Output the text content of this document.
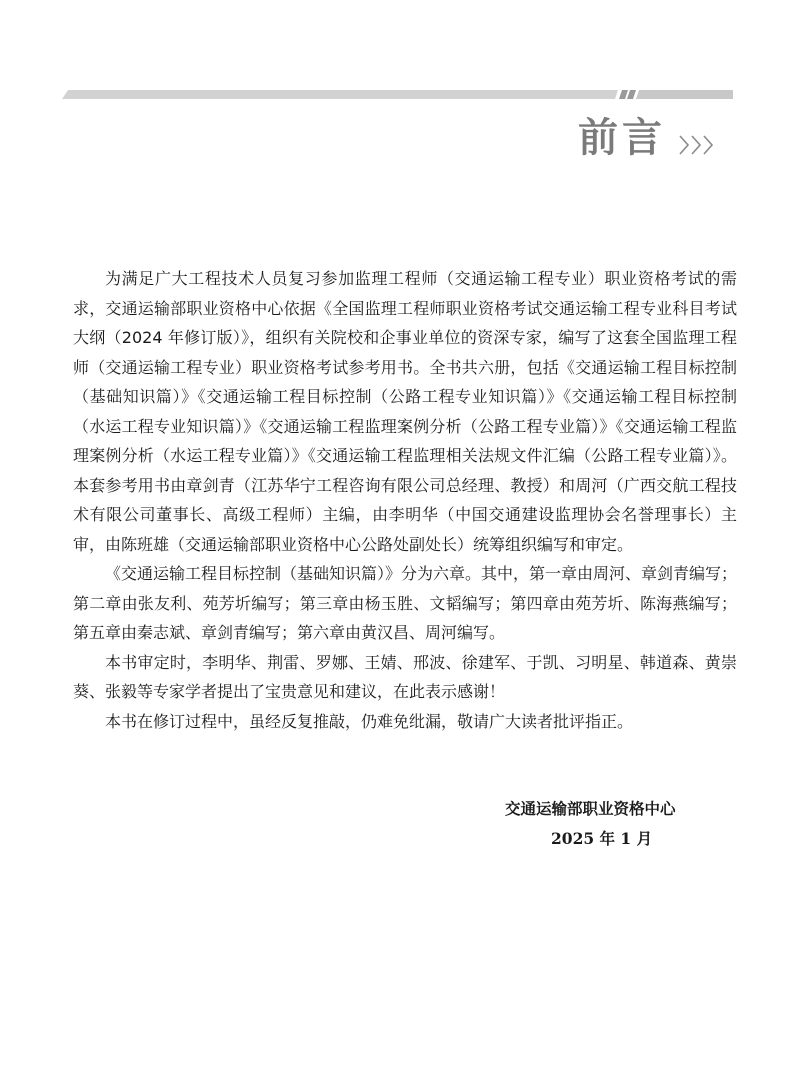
前言

为满足广大工程技术人员复习参加监理工程师（交通运输工程专业）职业资格考试的需求，交通运输部职业资格中心依据《全国监理工程师职业资格考试交通运输工程专业科目考试大纲（2024 年修订版）》，组织有关院校和企事业单位的资深专家，编写了这套全国监理工程师（交通运输工程专业）职业资格考试参考用书。全书共六册，包括《交通运输工程目标控制（基础知识篇）》《交通运输工程目标控制（公路工程专业知识篇）》《交通运输工程目标控制（水运工程专业知识篇）》《交通运输工程监理案例分析（公路工程专业篇）》《交通运输工程监理案例分析（水运工程专业篇）》《交通运输工程监理相关法规文件汇编（公路工程专业篇）》。本套参考用书由章剑青（江苏华宁工程咨询有限公司总经理、教授）和周河（广西交航工程技术有限公司董事长、高级工程师）主编，由李明华（中国交通建设监理协会名誉理事长）主审，由陈班雄（交通运输部职业资格中心公路处副处长）统筹组织编写和审定。

《交通运输工程目标控制（基础知识篇）》分为六章。其中，第一章由周河、章剑青编写；第二章由张友利、苑芳圻编写；第三章由杨玉胜、文韬编写；第四章由苑芳圻、陈海燕编写；第五章由秦志斌、章剑青编写；第六章由黄汉昌、周河编写。

本书审定时，李明华、荆雷、罗娜、王婧、邢波、徐建军、于凯、习明星、韩道森、黄崇葵、张毅等专家学者提出了宝贵意见和建议，在此表示感谢！

本书在修订过程中，虽经反复推敲，仍难免纰漏，敬请广大读者批评指正。

交通运输部职业资格中心
2025 年 1 月
